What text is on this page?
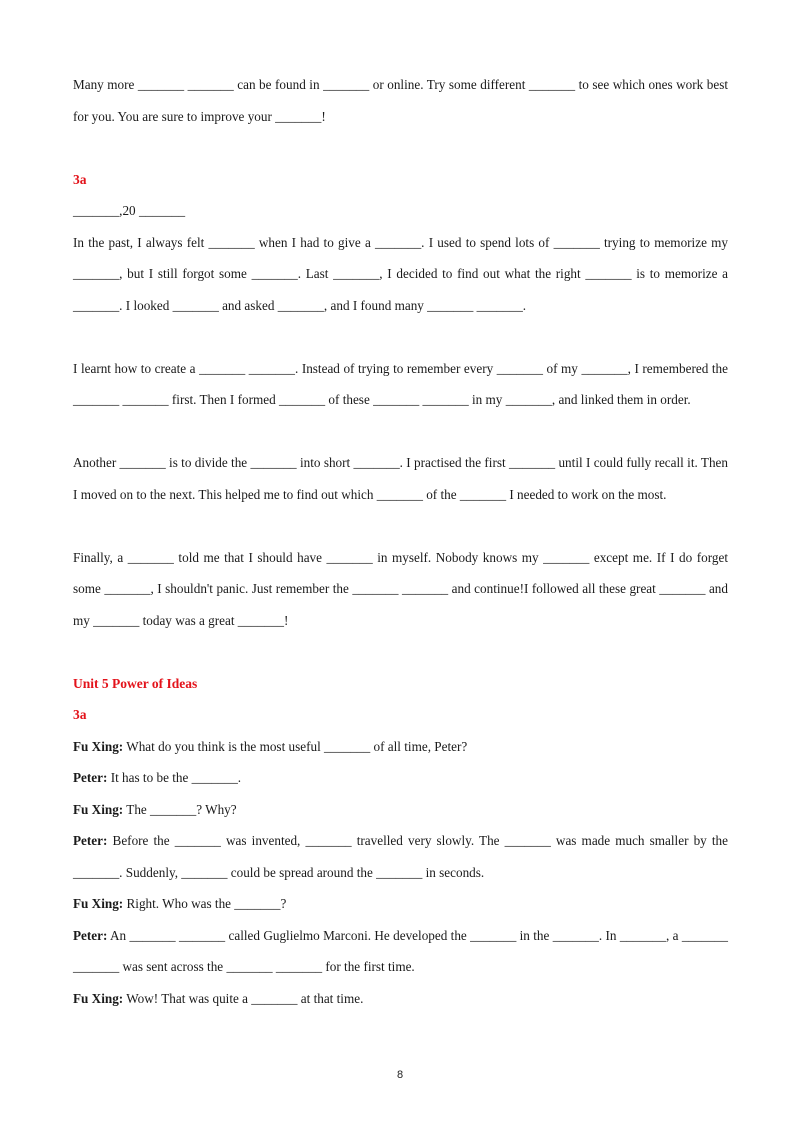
Many more _______ _______ can be found in _______ or online. Try some different _______ to see which ones work best for you. You are sure to improve your _______!

3a

_______,20 _______

In the past, I always felt _______ when I had to give a _______. I used to spend lots of _______ trying to memorize my _______, but I still forgot some _______. Last _______, I decided to find out what the right _______ is to memorize a _______. I looked _______ and asked _______, and I found many _______ _______.

I learnt how to create a _______ _______. Instead of trying to remember every _______ of my _______, I remembered the _______ _______ first. Then I formed _______ of these _______ _______ in my _______, and linked them in order.

Another _______ is to divide the _______ into short _______. I practised the first _______ until I could fully recall it. Then I moved on to the next. This helped me to find out which _______ of the _______ I needed to work on the most.

Finally, a _______ told me that I should have _______ in myself. Nobody knows my _______ except me. If I do forget some _______, I shouldn't panic. Just remember the _______ _______ and continue!I followed all these great _______ and my _______ today was a great _______!

Unit 5 Power of Ideas

3a

Fu Xing: What do you think is the most useful _______ of all time, Peter?

Peter: It has to be the _______.

Fu Xing: The _______? Why?

Peter: Before the _______ was invented, _______ travelled very slowly. The _______ was made much smaller by the _______. Suddenly, _______ could be spread around the _______ in seconds.

Fu Xing: Right. Who was the _______?

Peter: An _______ _______ called Guglielmo Marconi. He developed the _______ in the _______. In _______, a _______ _______ was sent across the _______ _______ for the first time.

Fu Xing: Wow! That was quite a _______ at that time.

8
